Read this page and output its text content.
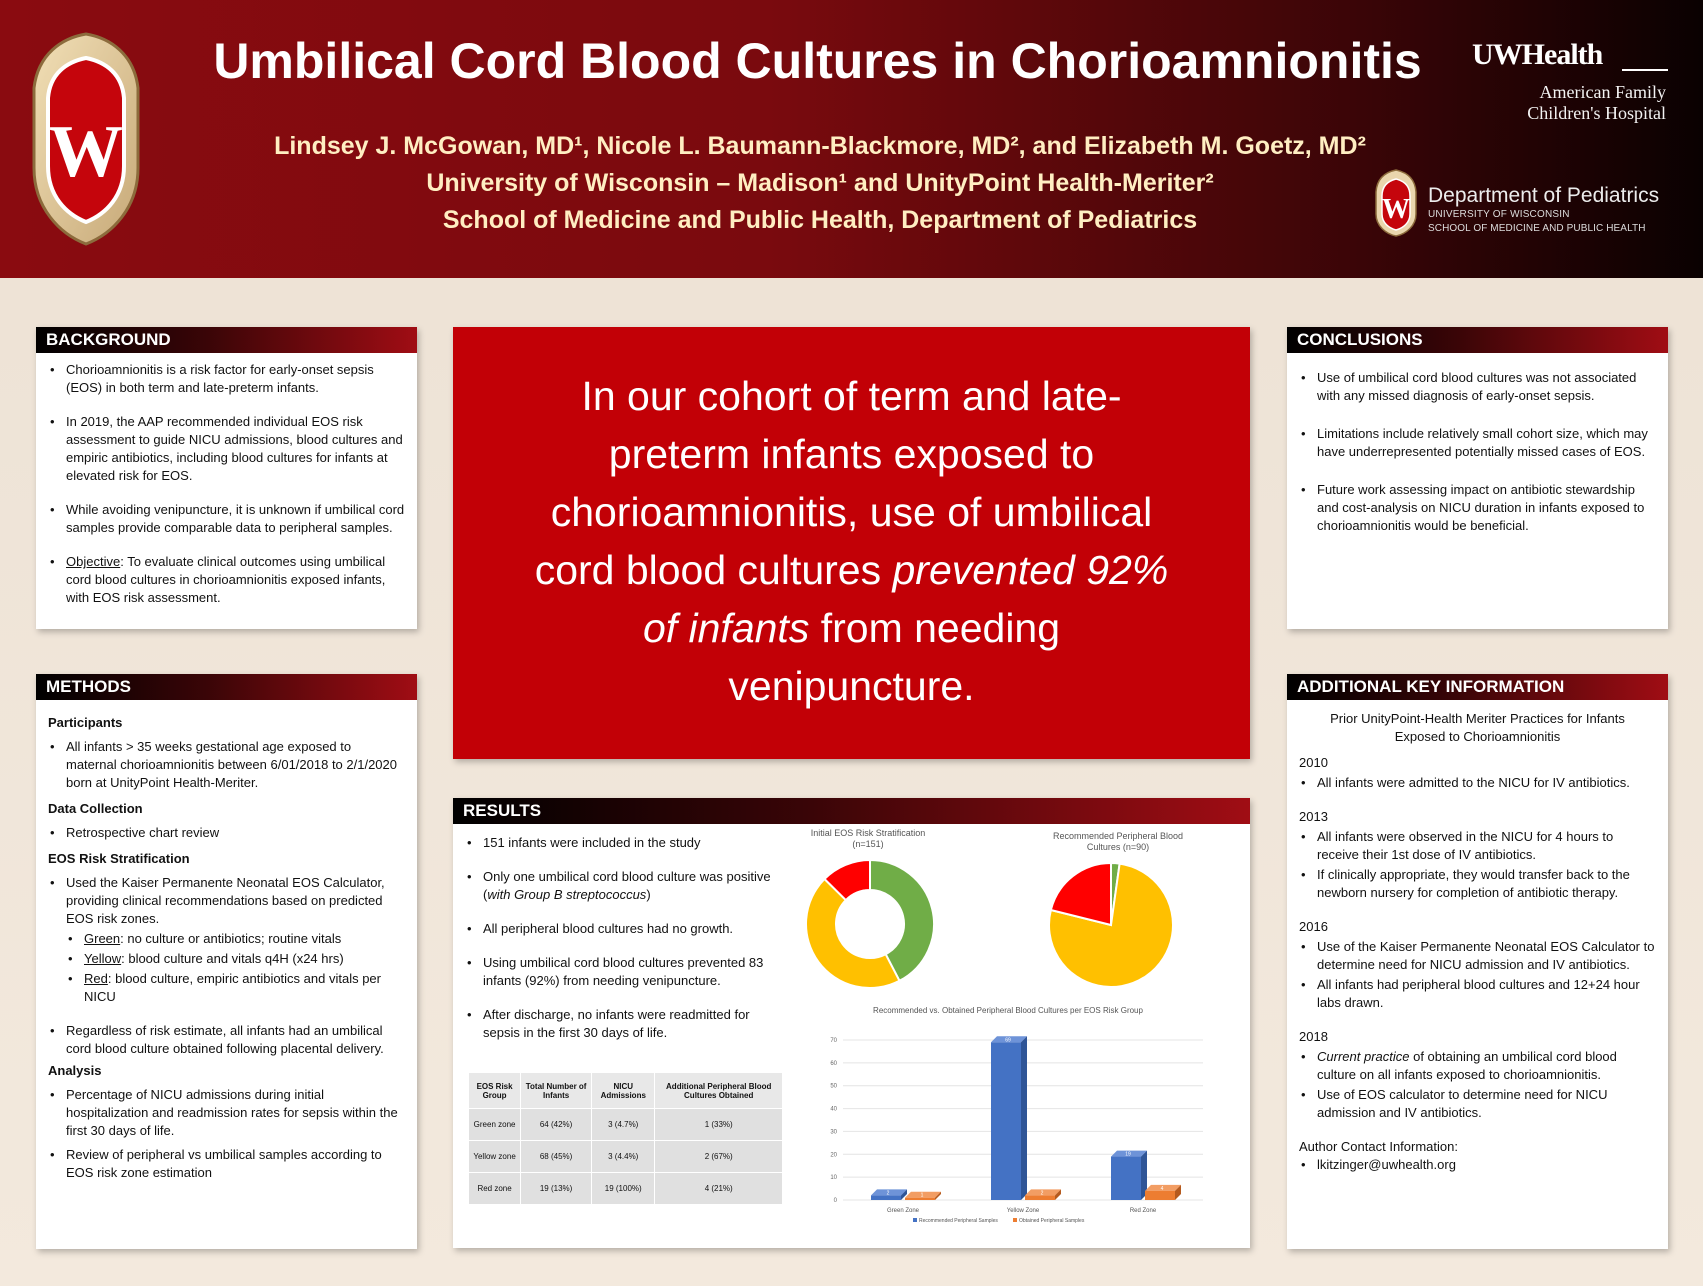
W
Umbilical Cord Blood Cultures in Chorioamnionitis
Lindsey J. McGowan, MD¹, Nicole L. Baumann-Blackmore, MD², and Elizabeth M. Goetz, MD²
University of Wisconsin – Madison¹ and UnityPoint Health-Meriter²
School of Medicine and Public Health, Department of Pediatrics
UWHealth
American Family
Children's Hospital
W Department of Pediatrics
UNIVERSITY OF WISCONSIN
SCHOOL OF MEDICINE AND PUBLIC HEALTH
BACKGROUND
• Chorioamnionitis is a risk factor for early-onset sepsis (EOS) in both term and late-preterm infants.
• In 2019, the AAP recommended individual EOS risk assessment to guide NICU admissions, blood cultures and empiric antibiotics, including blood cultures for infants at elevated risk for EOS.
• While avoiding venipuncture, it is unknown if umbilical cord samples provide comparable data to peripheral samples.
• Objective: To evaluate clinical outcomes using umbilical cord blood cultures in chorioamnionitis exposed infants, with EOS risk assessment.
METHODS
Participants
• All infants > 35 weeks gestational age exposed to maternal chorioamnionitis between 6/01/2018 to 2/1/2020 born at UnityPoint Health-Meriter.
Data Collection
• Retrospective chart review
EOS Risk Stratification
• Used the Kaiser Permanente Neonatal EOS Calculator, providing clinical recommendations based on predicted EOS risk zones.
• Green: no culture or antibiotics; routine vitals
• Yellow: blood culture and vitals q4H (x24 hrs)
• Red: blood culture, empiric antibiotics and vitals per NICU
• Regardless of risk estimate, all infants had an umbilical cord blood culture obtained following placental delivery.
Analysis
• Percentage of NICU admissions during initial hospitalization and readmission rates for sepsis within the first 30 days of life.
• Review of peripheral vs umbilical samples according to EOS risk zone estimation
In our cohort of term and late-preterm infants exposed to chorioamnionitis, use of umbilical cord blood cultures prevented 92% of infants from needing venipuncture.
RESULTS
• 151 infants were included in the study
• Only one umbilical cord blood culture was positive (with Group B streptococcus)
• All peripheral blood cultures had no growth.
• Using umbilical cord blood cultures prevented 83 infants (92%) from needing venipuncture.
• After discharge, no infants were readmitted for sepsis in the first 30 days of life.
EOS Risk Group	Total Number of Infants	NICU Admissions	Additional Peripheral Blood Cultures Obtained
Green zone	64 (42%)	3 (4.7%)	1 (33%)
Yellow zone	68 (45%)	3 (4.4%)	2 (67%)
Red zone	19 (13%)	19 (100%)	4 (21%)
Initial EOS Risk Stratification (n=151)
Recommended Peripheral Blood Cultures (n=90)
Recommended vs. Obtained Peripheral Blood Cultures per EOS Risk Group
0
10
20
30
40
50
60
70
2	1
Green Zone
69
2
Yellow Zone
19
4
Red Zone
Recommended Peripheral Samples	Obtained Peripheral Samples
CONCLUSIONS
• Use of umbilical cord blood cultures was not associated with any missed diagnosis of early-onset sepsis.
• Limitations include relatively small cohort size, which may have underrepresented potentially missed cases of EOS.
• Future work assessing impact on antibiotic stewardship and cost-analysis on NICU duration in infants exposed to chorioamnionitis would be beneficial.
ADDITIONAL KEY INFORMATION
Prior UnityPoint-Health Meriter Practices for Infants Exposed to Chorioamnionitis
2010
• All infants were admitted to the NICU for IV antibiotics.
2013
• All infants were observed in the NICU for 4 hours to receive their 1st dose of IV antibiotics.
• If clinically appropriate, they would transfer back to the newborn nursery for completion of antibiotic therapy.
2016
• Use of the Kaiser Permanente Neonatal EOS Calculator to determine need for NICU admission and IV antibiotics.
• All infants had peripheral blood cultures and 12+24 hour labs drawn.
2018
• Current practice of obtaining an umbilical cord blood culture on all infants exposed to chorioamnionitis.
• Use of EOS calculator to determine need for NICU admission and IV antibiotics.
Author Contact Information:
• lkitzinger@uwhealth.org
